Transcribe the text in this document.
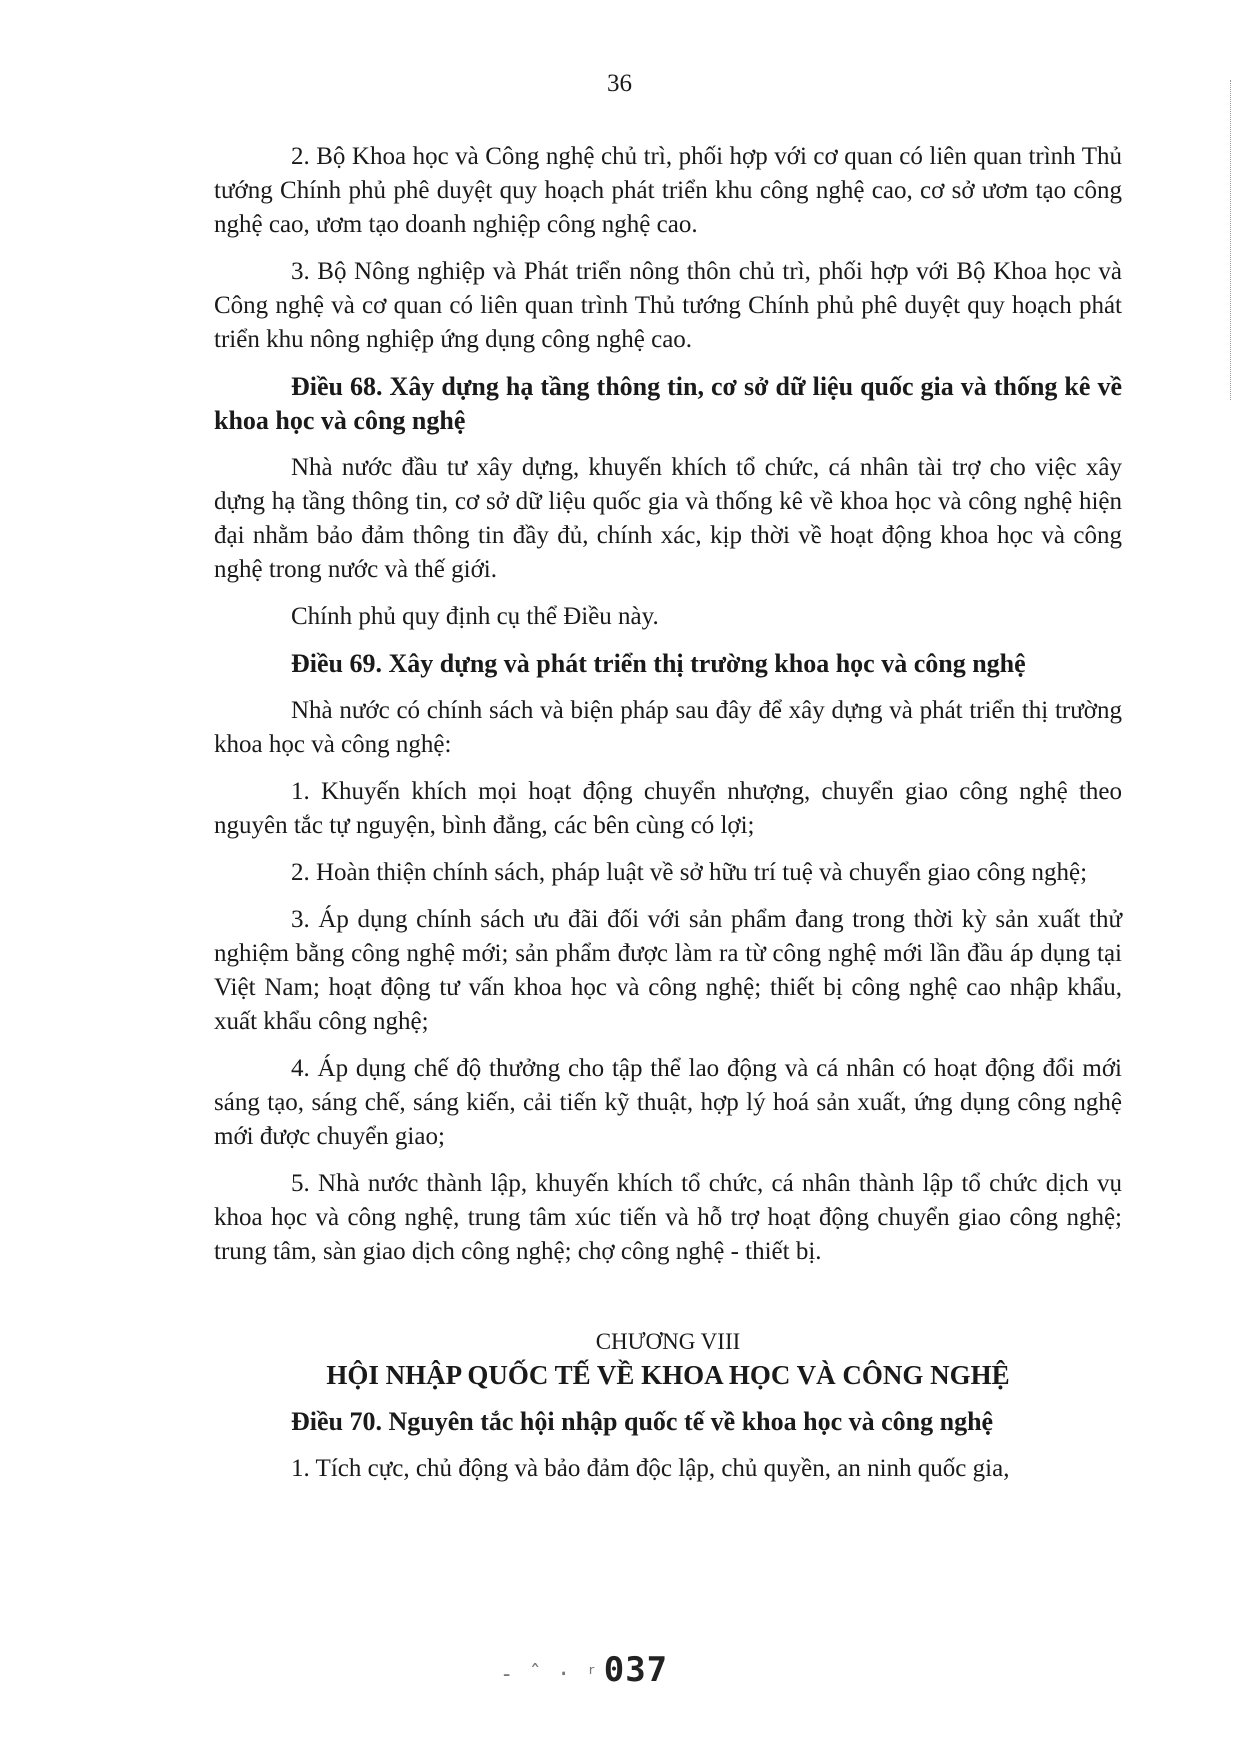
36

2. Bộ Khoa học và Công nghệ chủ trì, phối hợp với cơ quan có liên quan trình Thủ tướng Chính phủ phê duyệt quy hoạch phát triển khu công nghệ cao, cơ sở ươm tạo công nghệ cao, ươm tạo doanh nghiệp công nghệ cao.

3. Bộ Nông nghiệp và Phát triển nông thôn chủ trì, phối hợp với Bộ Khoa học và Công nghệ và cơ quan có liên quan trình Thủ tướng Chính phủ phê duyệt quy hoạch phát triển khu nông nghiệp ứng dụng công nghệ cao.

Điều 68. Xây dựng hạ tầng thông tin, cơ sở dữ liệu quốc gia và thống kê về khoa học và công nghệ

Nhà nước đầu tư xây dựng, khuyến khích tổ chức, cá nhân tài trợ cho việc xây dựng hạ tầng thông tin, cơ sở dữ liệu quốc gia và thống kê về khoa học và công nghệ hiện đại nhằm bảo đảm thông tin đầy đủ, chính xác, kịp thời về hoạt động khoa học và công nghệ trong nước và thế giới.

Chính phủ quy định cụ thể Điều này.

Điều 69. Xây dựng và phát triển thị trường khoa học và công nghệ

Nhà nước có chính sách và biện pháp sau đây để xây dựng và phát triển thị trường khoa học và công nghệ:

1. Khuyến khích mọi hoạt động chuyển nhượng, chuyển giao công nghệ theo nguyên tắc tự nguyện, bình đẳng, các bên cùng có lợi;

2. Hoàn thiện chính sách, pháp luật về sở hữu trí tuệ và chuyển giao công nghệ;

3. Áp dụng chính sách ưu đãi đối với sản phẩm đang trong thời kỳ sản xuất thử nghiệm bằng công nghệ mới; sản phẩm được làm ra từ công nghệ mới lần đầu áp dụng tại Việt Nam; hoạt động tư vấn khoa học và công nghệ; thiết bị công nghệ cao nhập khẩu, xuất khẩu công nghệ;

4. Áp dụng chế độ thưởng cho tập thể lao động và cá nhân có hoạt động đổi mới sáng tạo, sáng chế, sáng kiến, cải tiến kỹ thuật, hợp lý hoá sản xuất, ứng dụng công nghệ mới được chuyển giao;

5. Nhà nước thành lập, khuyến khích tổ chức, cá nhân thành lập tổ chức dịch vụ khoa học và công nghệ, trung tâm xúc tiến và hỗ trợ hoạt động chuyển giao công nghệ; trung tâm, sàn giao dịch công nghệ; chợ công nghệ - thiết bị.

CHƯƠNG VIII

HỘI NHẬP QUỐC TẾ VỀ KHOA HỌC VÀ CÔNG NGHỆ

Điều 70. Nguyên tắc hội nhập quốc tế về khoa học và công nghệ

1. Tích cực, chủ động và bảo đảm độc lập, chủ quyền, an ninh quốc gia,

- ˆ · ʳ 037
